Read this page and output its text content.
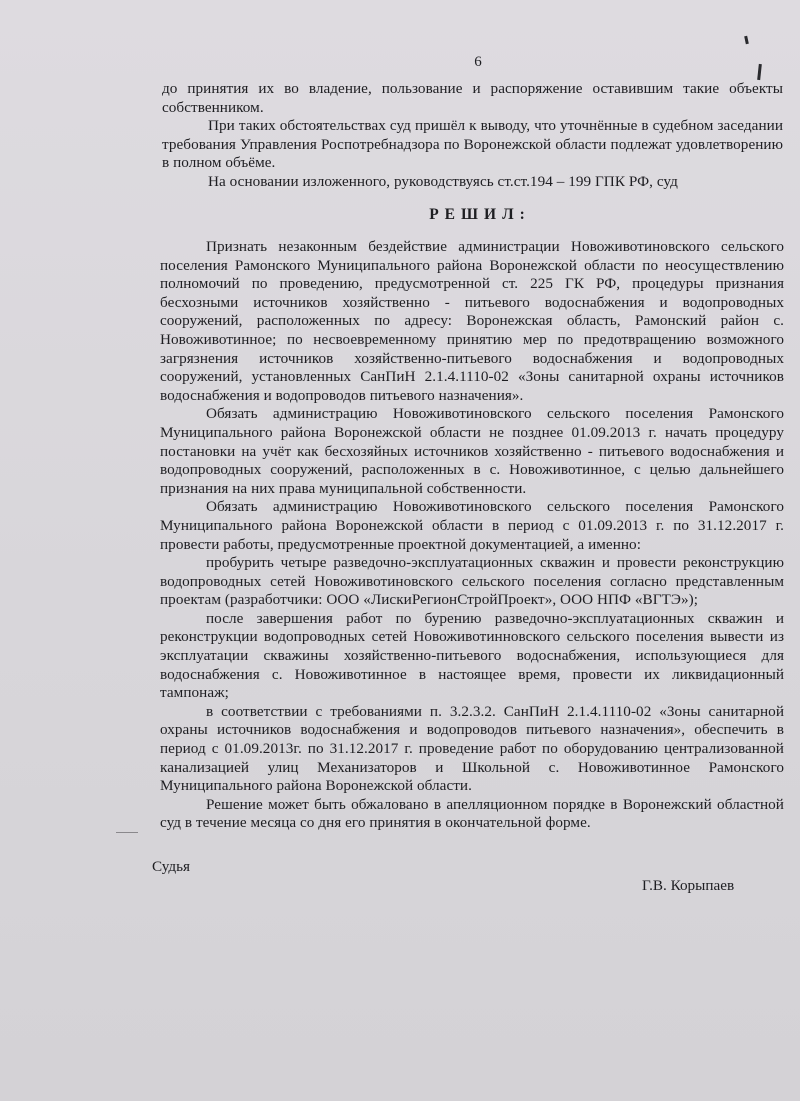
6

до принятия их во владение, пользование и распоряжение оставившим такие объекты собственником.

При таких обстоятельствах суд пришёл к выводу, что уточнённые в судебном заседании требования Управления Роспотребнадзора по Воронежской области подлежат удовлетворению в полном объёме.

На основании изложенного, руководствуясь ст.ст.194 – 199 ГПК РФ, суд

РЕШИЛ:

Признать незаконным бездействие администрации Новоживотиновского сельского поселения Рамонского Муниципального района Воронежской области по неосуществлению полномочий по проведению, предусмотренной ст. 225 ГК РФ, процедуры признания бесхозными источников хозяйственно - питьевого водоснабжения и водопроводных сооружений, расположенных по адресу: Воронежская область, Рамонский район с. Новоживотинное; по несвоевременному принятию мер по предотвращению возможного загрязнения источников хозяйственно-питьевого водоснабжения и водопроводных сооружений, установленных СанПиН 2.1.4.1110-02 «Зоны санитарной охраны источников водоснабжения и водопроводов питьевого назначения».

Обязать администрацию Новоживотиновского сельского поселения Рамонского Муниципального района Воронежской области не позднее 01.09.2013 г. начать процедуру постановки на учёт как бесхозяйных источников хозяйственно - питьевого водоснабжения и водопроводных сооружений, расположенных в с. Новоживотинное, с целью дальнейшего признания на них права муниципальной собственности.

Обязать администрацию Новоживотиновского сельского поселения Рамонского Муниципального района Воронежской области в период с 01.09.2013 г. по 31.12.2017 г. провести работы, предусмотренные проектной документацией, а именно:

пробурить четыре разведочно-эксплуатационных скважин и провести реконструкцию водопроводных сетей Новоживотиновского сельского поселения согласно представленным проектам (разработчики: ООО «ЛискиРегионСтройПроект», ООО НПФ «ВГТЭ»);

после завершения работ по бурению разведочно-эксплуатационных скважин и реконструкции водопроводных сетей Новоживотинновского сельского поселения вывести из эксплуатации скважины хозяйственно-питьевого водоснабжения, использующиеся для водоснабжения с. Новоживотинное в настоящее время, провести их ликвидационный тампонаж;

в соответствии с требованиями п. 3.2.3.2. СанПиН 2.1.4.1110-02 «Зоны санитарной охраны источников водоснабжения и водопроводов питьевого назначения», обеспечить в период с 01.09.2013г. по 31.12.2017 г. проведение работ по оборудованию централизованной канализацией улиц Механизаторов и Школьной с. Новоживотинное Рамонского Муниципального района Воронежской области.

Решение может быть обжаловано в апелляционном порядке в Воронежский областной суд в течение месяца со дня его принятия в окончательной форме.

Судья
Г.В. Корыпаев
